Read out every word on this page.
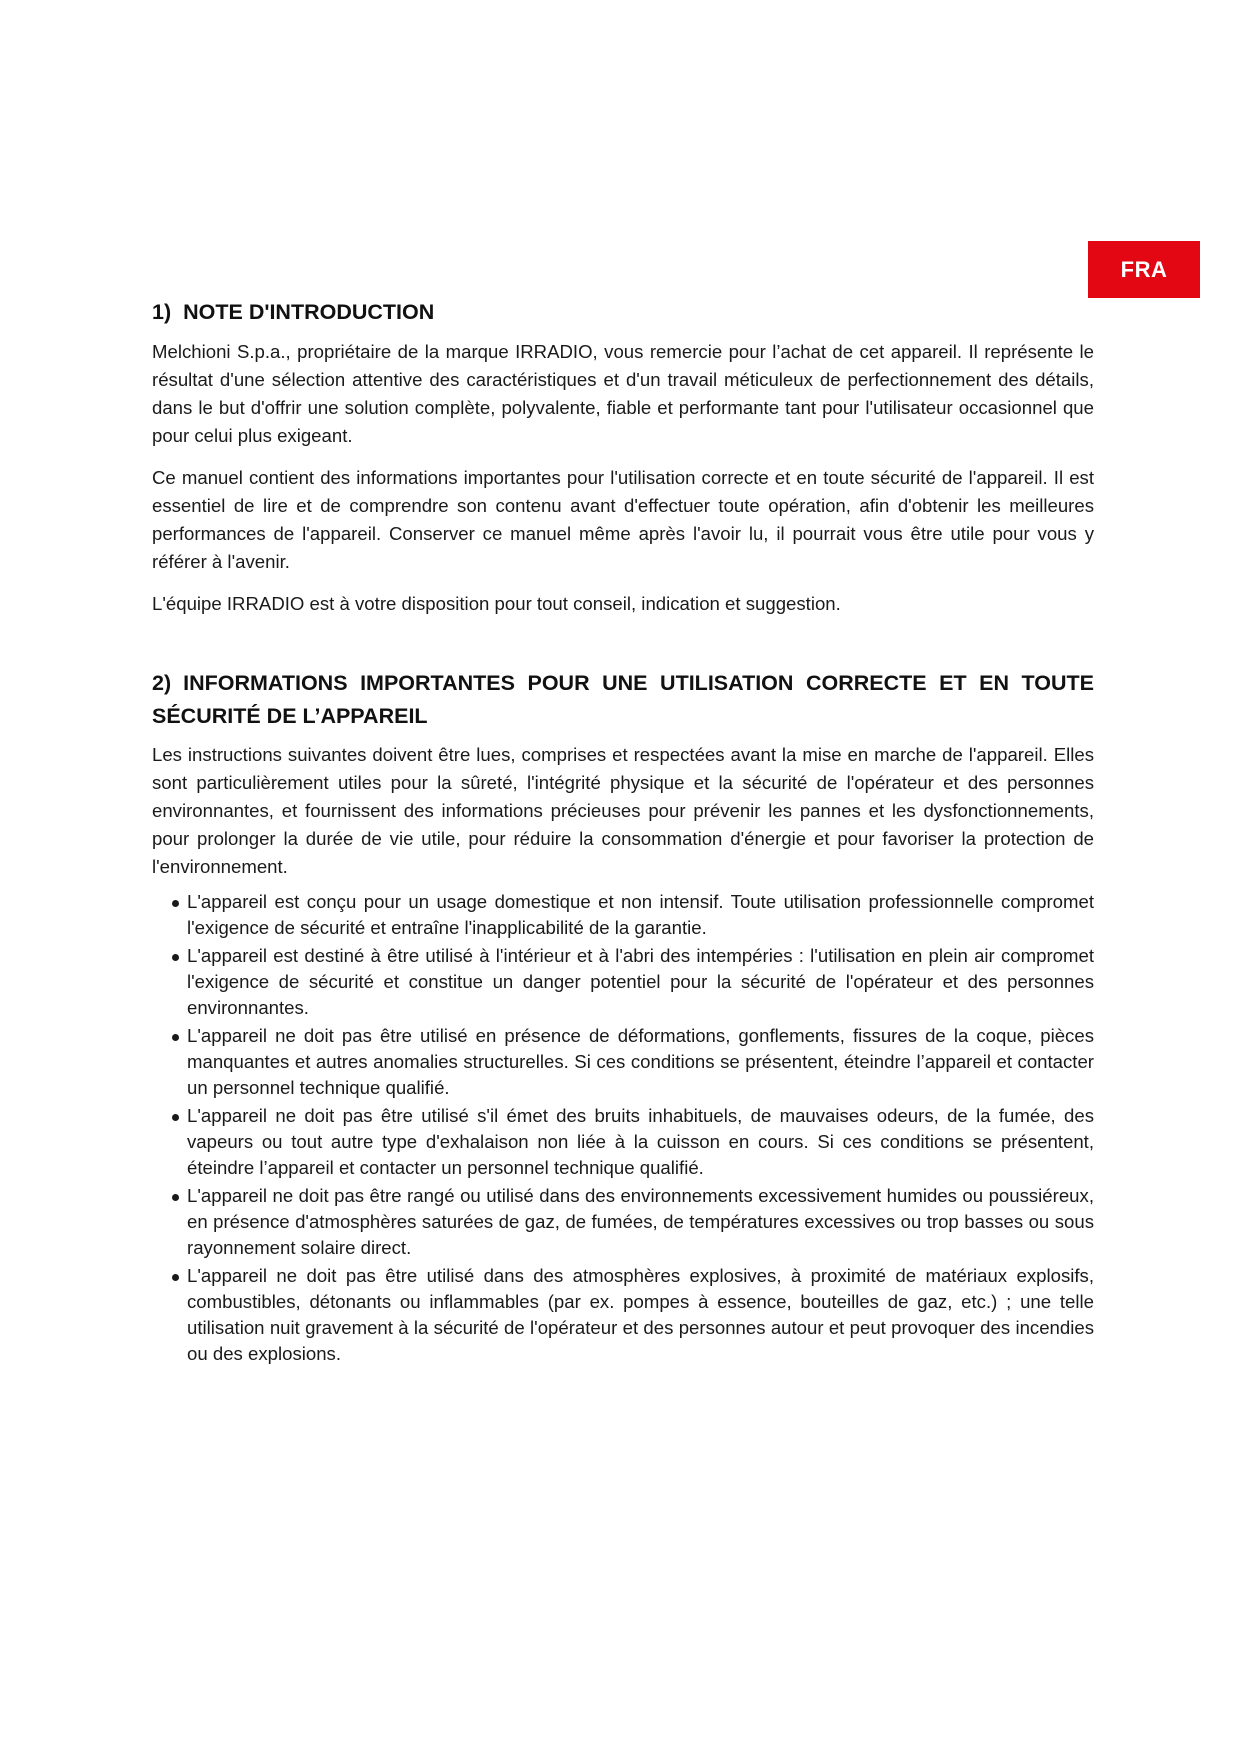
FRA
1) NOTE D'INTRODUCTION

Melchioni S.p.a., propriétaire de la marque IRRADIO, vous remercie pour l’achat de cet appareil. Il représente le résultat d'une sélection attentive des caractéristiques et d'un travail méticuleux de perfectionnement des détails, dans le but d'offrir une solution complète, polyvalente, fiable et performante tant pour l'utilisateur occasionnel que pour celui plus exigeant.

Ce manuel contient des informations importantes pour l'utilisation correcte et en toute sécurité de l'appareil. Il est essentiel de lire et de comprendre son contenu avant d'effectuer toute opération, afin d'obtenir les meilleures performances de l'appareil. Conserver ce manuel même après l'avoir lu, il pourrait vous être utile pour vous y référer à l'avenir.

L'équipe IRRADIO est à votre disposition pour tout conseil, indication et suggestion.

2) INFORMATIONS IMPORTANTES POUR UNE UTILISATION CORRECTE ET EN TOUTE SÉCURITÉ DE L’APPAREIL

Les instructions suivantes doivent être lues, comprises et respectées avant la mise en marche de l'appareil. Elles sont particulièrement utiles pour la sûreté, l'intégrité physique et la sécurité de l'opérateur et des personnes environnantes, et fournissent des informations précieuses pour prévenir les pannes et les dysfonctionnements, pour prolonger la durée de vie utile, pour réduire la consommation d'énergie et pour favoriser la protection de l'environnement.

L'appareil est conçu pour un usage domestique et non intensif. Toute utilisation professionnelle compromet l'exigence de sécurité et entraîne l'inapplicabilité de la garantie.
L'appareil est destiné à être utilisé à l'intérieur et à l'abri des intempéries : l'utilisation en plein air compromet l'exigence de sécurité et constitue un danger potentiel pour la sécurité de l'opérateur et des personnes environnantes.
L'appareil ne doit pas être utilisé en présence de déformations, gonflements, fissures de la coque, pièces manquantes et autres anomalies structurelles. Si ces conditions se présentent, éteindre l’appareil et contacter un personnel technique qualifié.
L'appareil ne doit pas être utilisé s'il émet des bruits inhabituels, de mauvaises odeurs, de la fumée, des vapeurs ou tout autre type d'exhalaison non liée à la cuisson en cours. Si ces conditions se présentent, éteindre l’appareil et contacter un personnel technique qualifié.
L'appareil ne doit pas être rangé ou utilisé dans des environnements excessivement humides ou poussiéreux, en présence d'atmosphères saturées de gaz, de fumées, de températures excessives ou trop basses ou sous rayonnement solaire direct.
L'appareil ne doit pas être utilisé dans des atmosphères explosives, à proximité de matériaux explosifs, combustibles, détonants ou inflammables (par ex. pompes à essence, bouteilles de gaz, etc.) ; une telle utilisation nuit gravement à la sécurité de l'opérateur et des personnes autour et peut provoquer des incendies ou des explosions.
